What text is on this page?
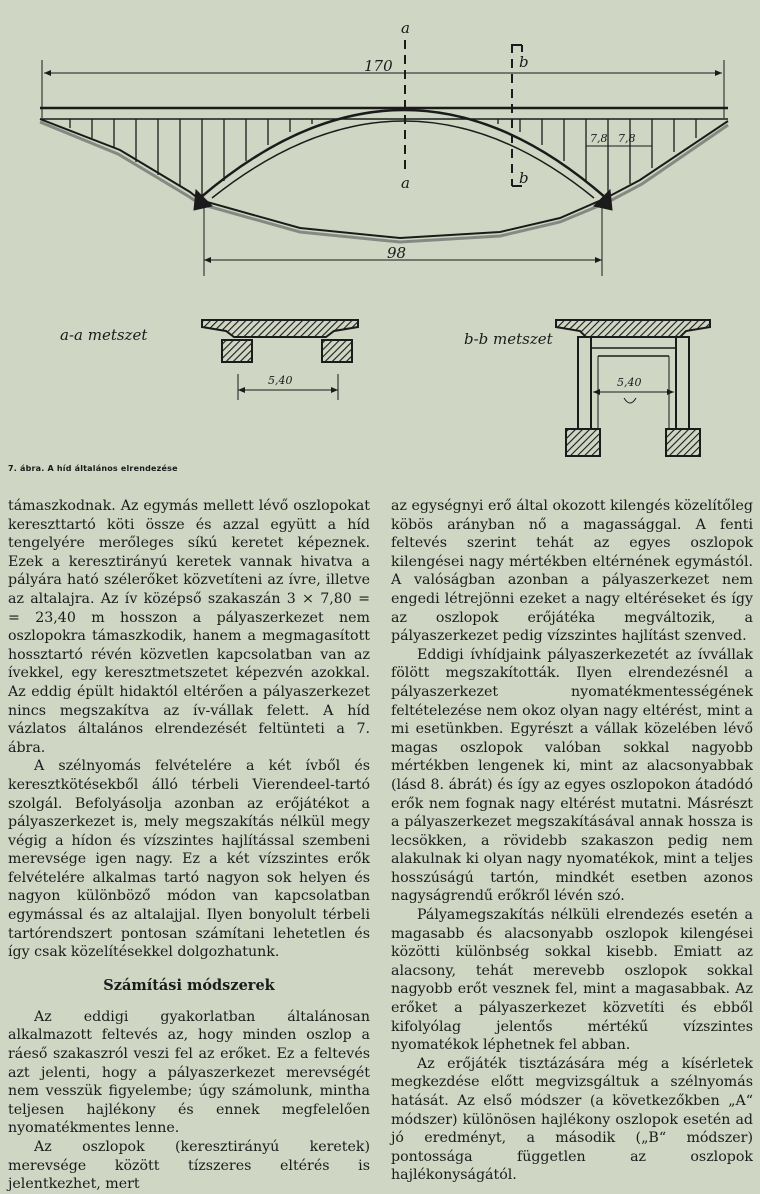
a
a
b
b
170
98
7,8 7,8
a-a metszet	b-b metszet
5,40	5,40
7. ábra. A híd általános elrendezése

támaszkodnak. Az egymás mellett lévő oszlopokat kereszttartó köti össze és azzal együtt a híd tengelyére merőleges síkú keretet képeznek. Ezek a keresztirányú keretek vannak hivatva a pályára ható szélerőket közvetíteni az ívre, illetve az altalajra. Az ív középső szakaszán 3 × 7,80 = = 23,40 m hosszon a pályaszerkezet nem oszlopokra támaszkodik, hanem a megmagasított hossztartó révén közvetlen kapcsolatban van az ívekkel, egy keresztmetszetet képezvén azokkal. Az eddig épült hidaktól eltérően a pályaszerkezet nincs megszakítva az ív-vállak felett. A híd vázlatos általános elrendezését feltünteti a 7. ábra.

A szélnyomás felvételére a két ívből és keresztkötésekből álló térbeli Vierendeel-tartó szolgál. Befolyásolja azonban az erőjátékot a pályaszerkezet is, mely megszakítás nélkül megy végig a hídon és vízszintes hajlítással szembeni merevsége igen nagy. Ez a két vízszintes erők felvételére alkalmas tartó nagyon sok helyen és nagyon különböző módon van kapcsolatban egymással és az altalajjal. Ilyen bonyolult térbeli tartórendszert pontosan számítani lehetetlen és így csak közelítésekkel dolgozhatunk.

Számítási módszerek

Az eddigi gyakorlatban általánosan alkalmazott feltevés az, hogy minden oszlop a ráeső szakaszról veszi fel az erőket. Ez a feltevés azt jelenti, hogy a pályaszerkezet merevségét nem vesszük figyelembe; úgy számolunk, mintha teljesen hajlékony és ennek megfelelően nyomatékmentes lenne.

Az oszlopok (keresztirányú keretek) merevsége között tízszeres eltérés is jelentkezhet, mert

az egységnyi erő által okozott kilengés közelítőleg köbös arányban nő a magassággal. A fenti feltevés szerint tehát az egyes oszlopok kilengései nagy mértékben eltérnének egymástól. A valóságban azonban a pályaszerkezet nem engedi létrejönni ezeket a nagy eltéréseket és így az oszlopok erőjátéka megváltozik, a pályaszerkezet pedig vízszintes hajlítást szenved.

Eddigi ívhídjaink pályaszerkezetét az ívvállak fölött megszakították. Ilyen elrendezésnél a pályaszerkezet nyomatékmentességének feltételezése nem okoz olyan nagy eltérést, mint a mi esetünkben. Egyrészt a vállak közelében lévő magas oszlopok valóban sokkal nagyobb mértékben lengenek ki, mint az alacsonyabbak (lásd 8. ábrát) és így az egyes oszlopokon átadódó erők nem fognak nagy eltérést mutatni. Másrészt a pályaszerkezet megszakításával annak hossza is lecsökken, a rövidebb szakaszon pedig nem alakulnak ki olyan nagy nyomatékok, mint a teljes hosszúságú tartón, mindkét esetben azonos nagyságrendű erőkről lévén szó.

Pályamegszakítás nélküli elrendezés esetén a magasabb és alacsonyabb oszlopok kilengései közötti különbség sokkal kisebb. Emiatt az alacsony, tehát merevebb oszlopok sokkal nagyobb erőt vesznek fel, mint a magasabbak. Az erőket a pályaszerkezet közvetíti és ebből kifolyólag jelentős mértékű vízszintes nyomatékok léphetnek fel abban.

Az erőjáték tisztázására még a kísérletek megkezdése előtt megvizsgáltuk a szélnyomás hatását. Az első módszer (a következőkben „A“ módszer) különösen hajlékony oszlopok esetén ad jó eredményt, a második („B“ módszer) pontossága független az oszlopok hajlékonyságától.
